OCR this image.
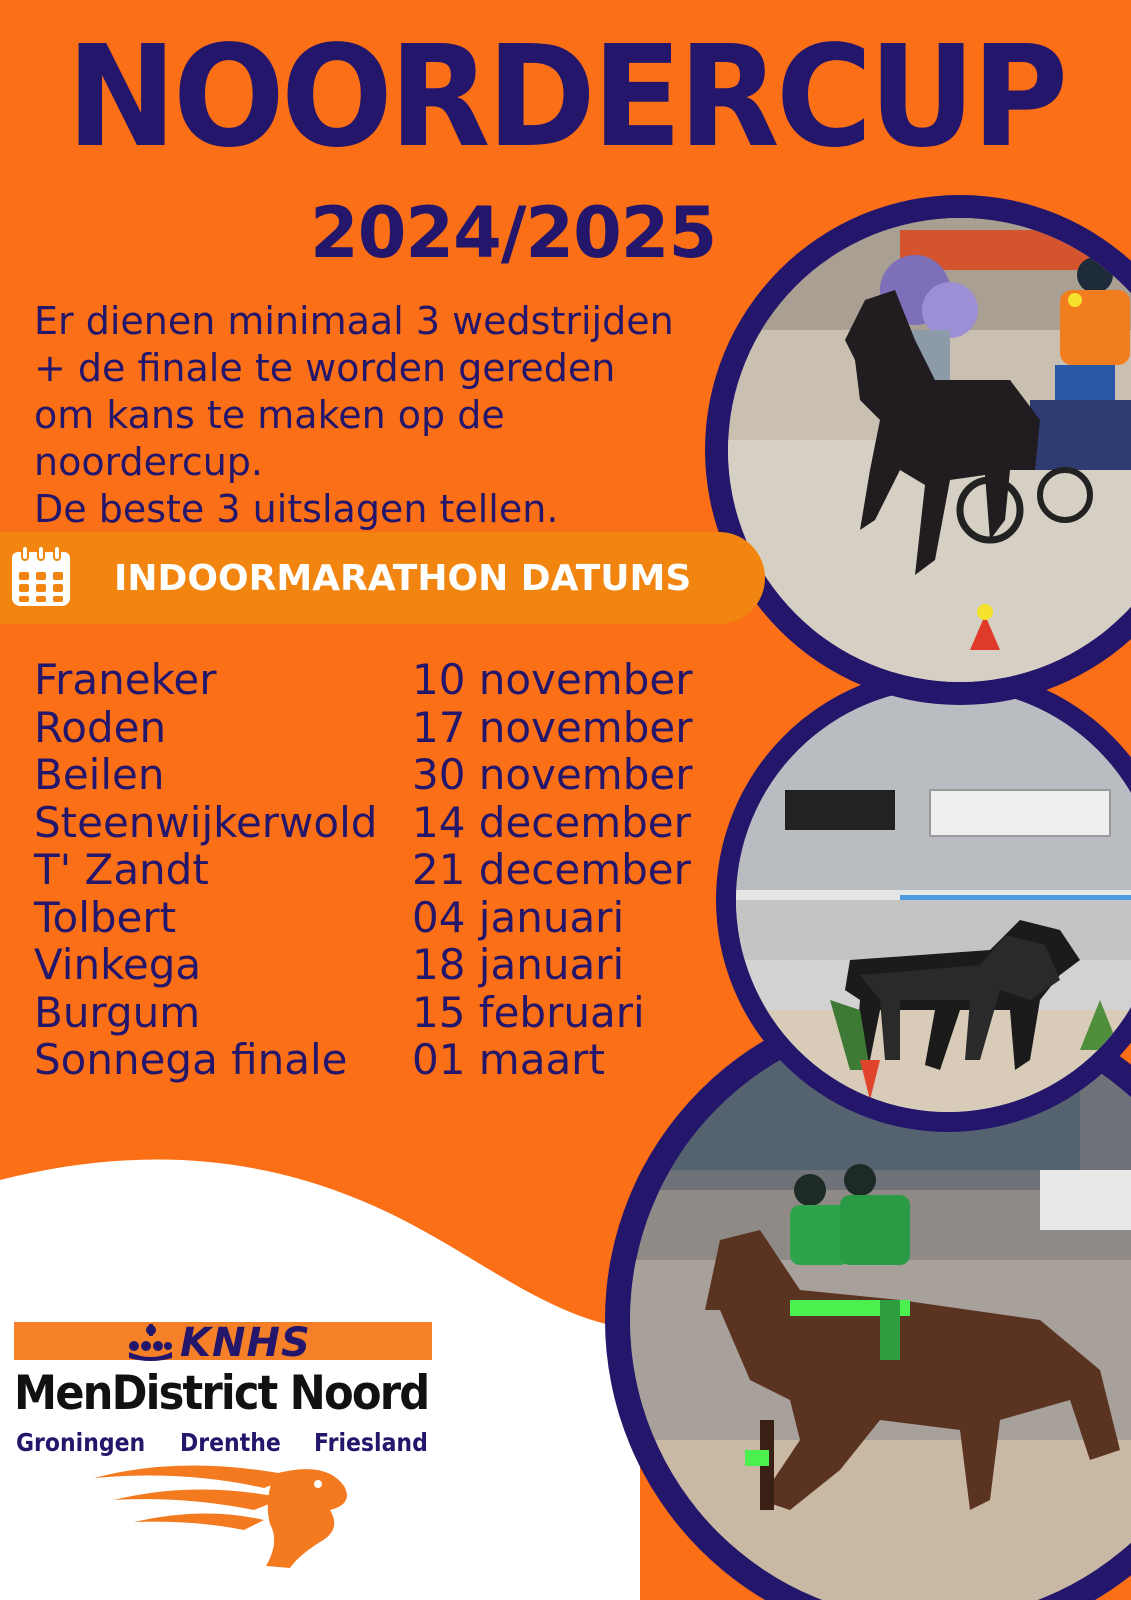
NOORDERCUP
2024/2025

Er dienen minimaal 3 wedstrijden

+ de finale te worden gereden

om kans te maken op de

noordercup.

De beste 3 uitslagen tellen.

INDOORMARATHON DATUMS
Franeker	10 november
Roden	17 november
Beilen	30 november
Steenwijkerwold 14 december
T' Zandt	21 december
Tolbert	04 januari
Vinkega	18 januari
Burgum	15 februari
Sonnega finale 01 maart
KNHS
MenDistrict Noord
Groningen Drenthe Friesland
